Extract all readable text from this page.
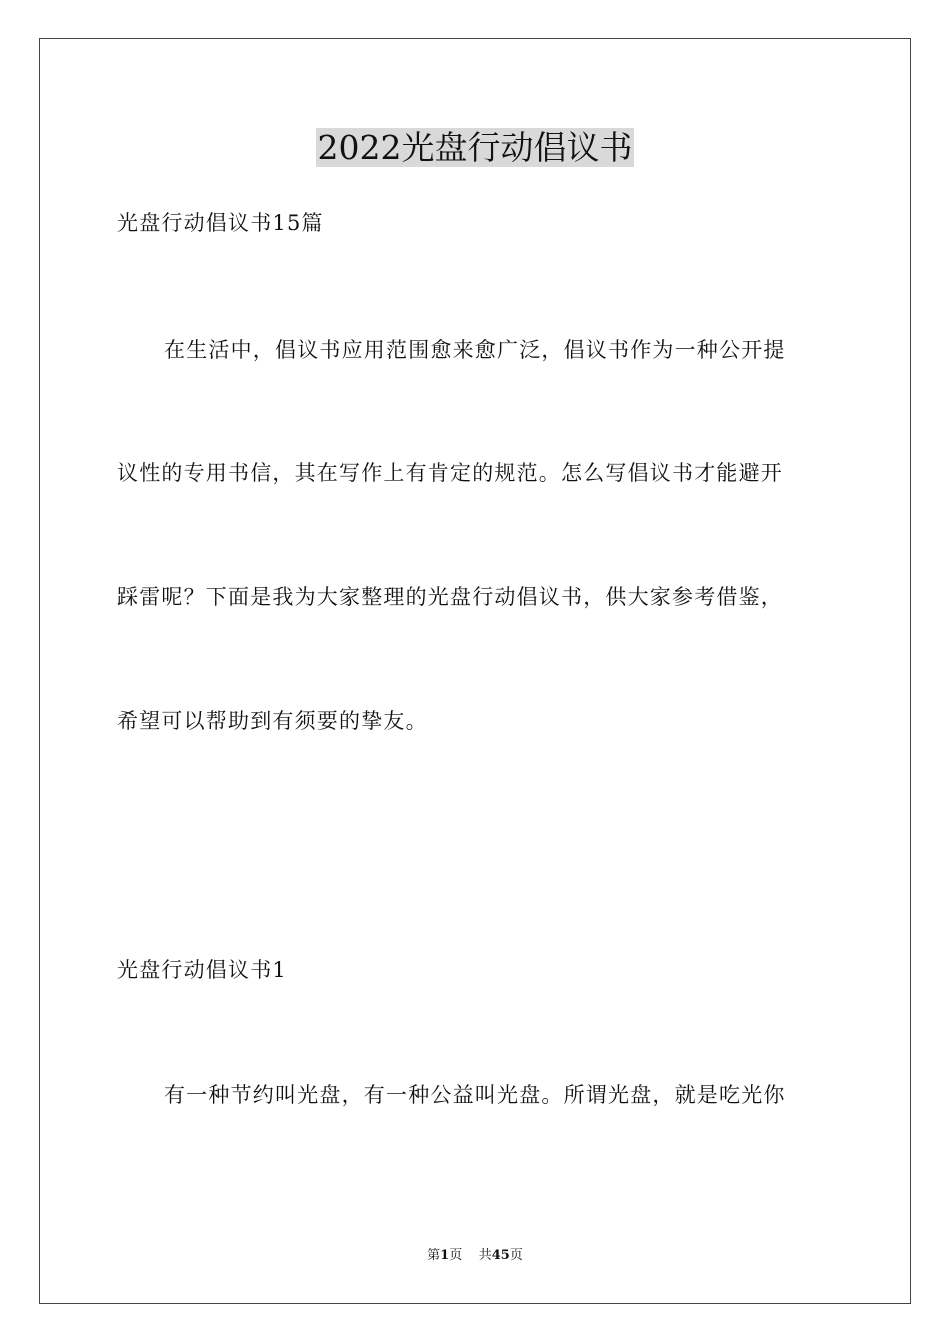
2022光盘行动倡议书
光盘行动倡议书15篇
在生活中，倡议书应用范围愈来愈广泛，倡议书作为一种公开提
议性的专用书信，其在写作上有肯定的规范。怎么写倡议书才能避开
踩雷呢？下面是我为大家整理的光盘行动倡议书，供大家参考借鉴，
希望可以帮助到有须要的挚友。
光盘行动倡议书1
有一种节约叫光盘，有一种公益叫光盘。所谓光盘，就是吃光你
第1页 共45页
